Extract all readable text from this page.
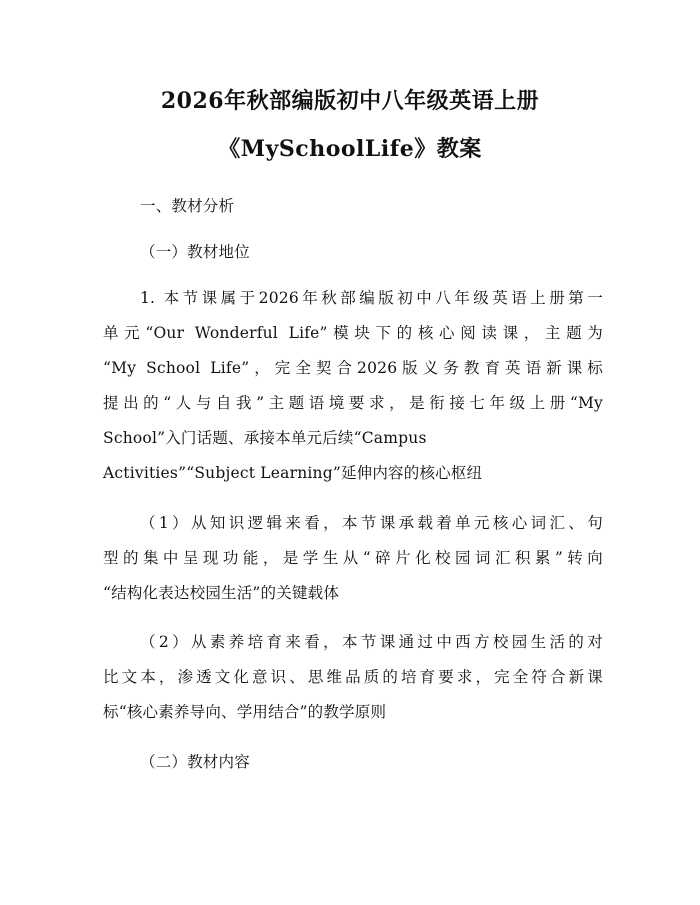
2026年秋部编版初中八年级英语上册
《MySchoolLife》教案
一、教材分析
（一）教材地位
1. 本节课属于2026年秋部编版初中八年级英语上册第一
单元“Our Wonderful Life”模块下的核心阅读课，主题为
“My School Life”，完全契合2026版义务教育英语新课标
提出的“人与自我”主题语境要求，是衔接七年级上册“My
School”入门话题、承接本单元后续“Campus
Activities”“Subject Learning”延伸内容的核心枢纽
（1）从知识逻辑来看，本节课承载着单元核心词汇、句
型的集中呈现功能，是学生从“碎片化校园词汇积累”转向
“结构化表达校园生活”的关键载体
（2）从素养培育来看，本节课通过中西方校园生活的对
比文本，渗透文化意识、思维品质的培育要求，完全符合新课
标“核心素养导向、学用结合”的教学原则
（二）教材内容
